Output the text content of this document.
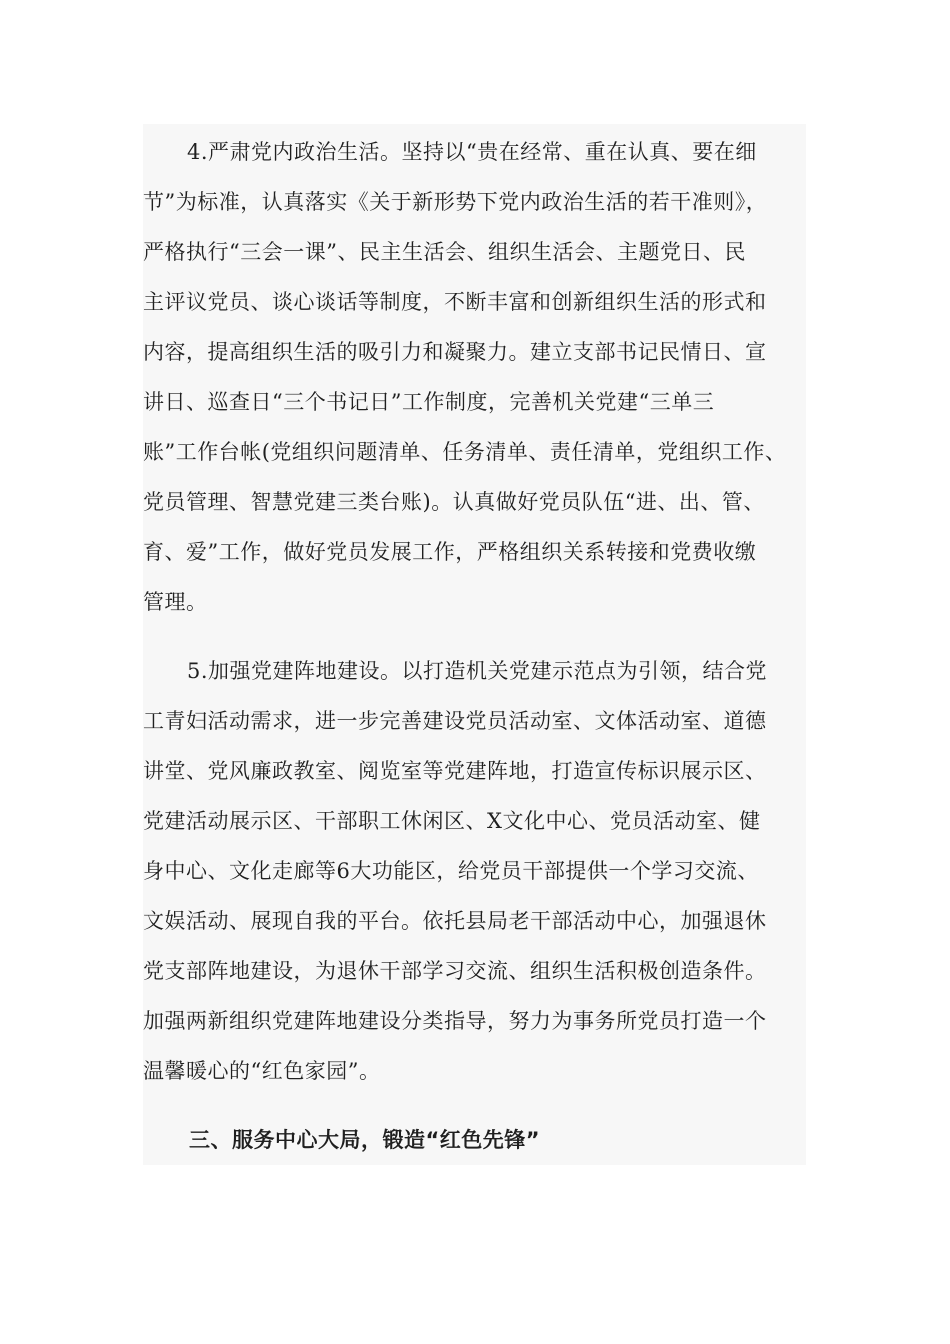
4.严肃党内政治生活。坚持以“贵在经常、重在认真、要在细
节”为标准，认真落实《关于新形势下党内政治生活的若干准则》，
严格执行“三会一课”、民主生活会、组织生活会、主题党日、民
主评议党员、谈心谈话等制度，不断丰富和创新组织生活的形式和
内容，提高组织生活的吸引力和凝聚力。建立支部书记民情日、宣
讲日、巡查日“三个书记日”工作制度，完善机关党建“三单三
账”工作台帐(党组织问题清单、任务清单、责任清单，党组织工作、
党员管理、智慧党建三类台账)。认真做好党员队伍“进、出、管、
育、爱”工作，做好党员发展工作，严格组织关系转接和党费收缴
管理。
5.加强党建阵地建设。以打造机关党建示范点为引领，结合党
工青妇活动需求，进一步完善建设党员活动室、文体活动室、道德
讲堂、党风廉政教室、阅览室等党建阵地，打造宣传标识展示区、
党建活动展示区、干部职工休闲区、X文化中心、党员活动室、健
身中心、文化走廊等6大功能区，给党员干部提供一个学习交流、
文娱活动、展现自我的平台。依托县局老干部活动中心，加强退休
党支部阵地建设，为退休干部学习交流、组织生活积极创造条件。
加强两新组织党建阵地建设分类指导，努力为事务所党员打造一个
温馨暖心的“红色家园”。
三、服务中心大局，锻造“红色先锋”
